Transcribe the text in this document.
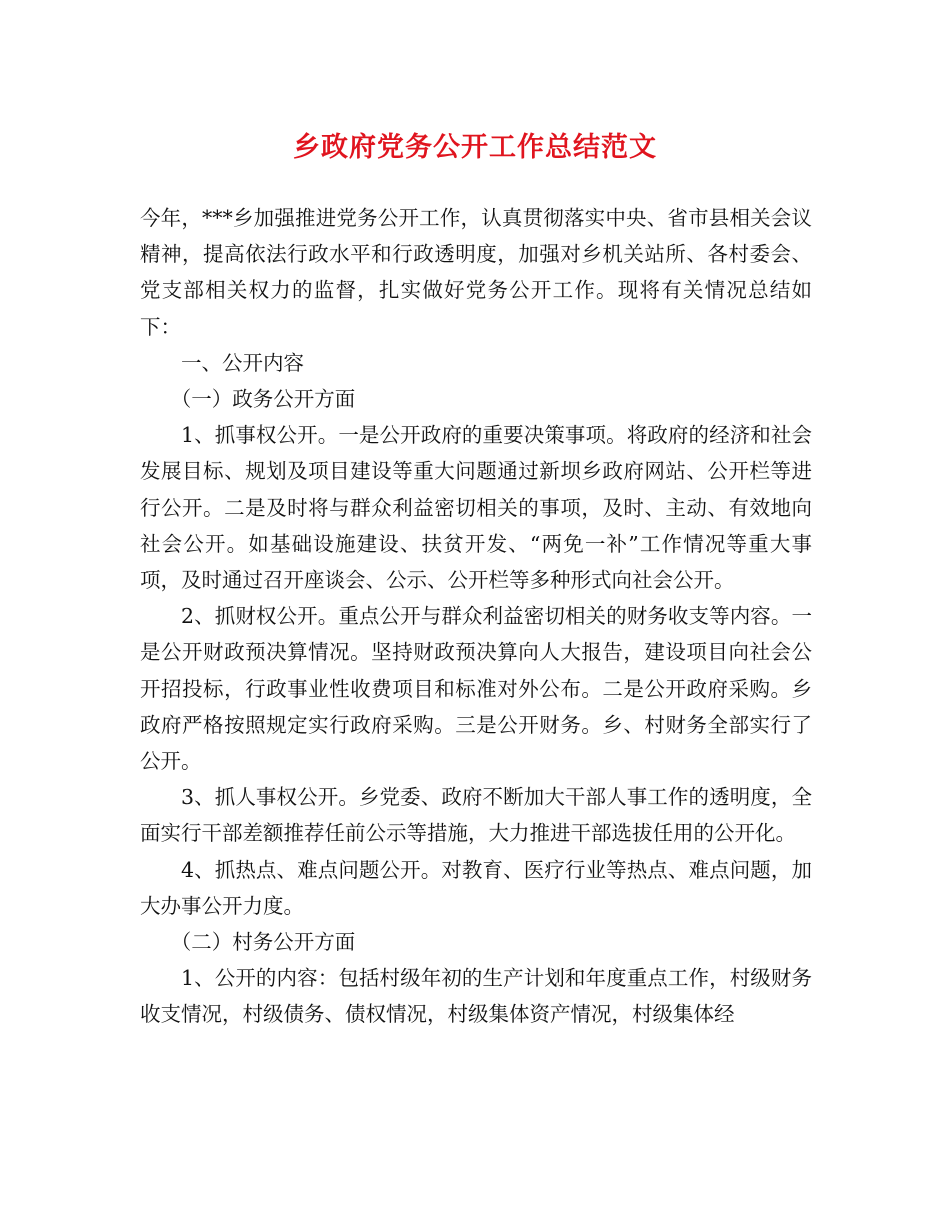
乡政府党务公开工作总结范文

今年，***乡加强推进党务公开工作，认真贯彻落实中央、省市县相关会议精神，提高依法行政水平和行政透明度，加强对乡机关站所、各村委会、党支部相关权力的监督，扎实做好党务公开工作。现将有关情况总结如下：

一、公开内容

（一）政务公开方面

1、抓事权公开。一是公开政府的重要决策事项。将政府的经济和社会发展目标、规划及项目建设等重大问题通过新坝乡政府网站、公开栏等进行公开。二是及时将与群众利益密切相关的事项，及时、主动、有效地向社会公开。如基础设施建设、扶贫开发、“两免一补”工作情况等重大事项，及时通过召开座谈会、公示、公开栏等多种形式向社会公开。

2、抓财权公开。重点公开与群众利益密切相关的财务收支等内容。一是公开财政预决算情况。坚持财政预决算向人大报告，建设项目向社会公开招投标，行政事业性收费项目和标准对外公布。二是公开政府采购。乡政府严格按照规定实行政府采购。三是公开财务。乡、村财务全部实行了公开。

3、抓人事权公开。乡党委、政府不断加大干部人事工作的透明度，全面实行干部差额推荐任前公示等措施，大力推进干部选拔任用的公开化。

4、抓热点、难点问题公开。对教育、医疗行业等热点、难点问题，加大办事公开力度。

（二）村务公开方面

1、公开的内容：包括村级年初的生产计划和年度重点工作，村级财务收支情况，村级债务、债权情况，村级集体资产情况，村级集体经
